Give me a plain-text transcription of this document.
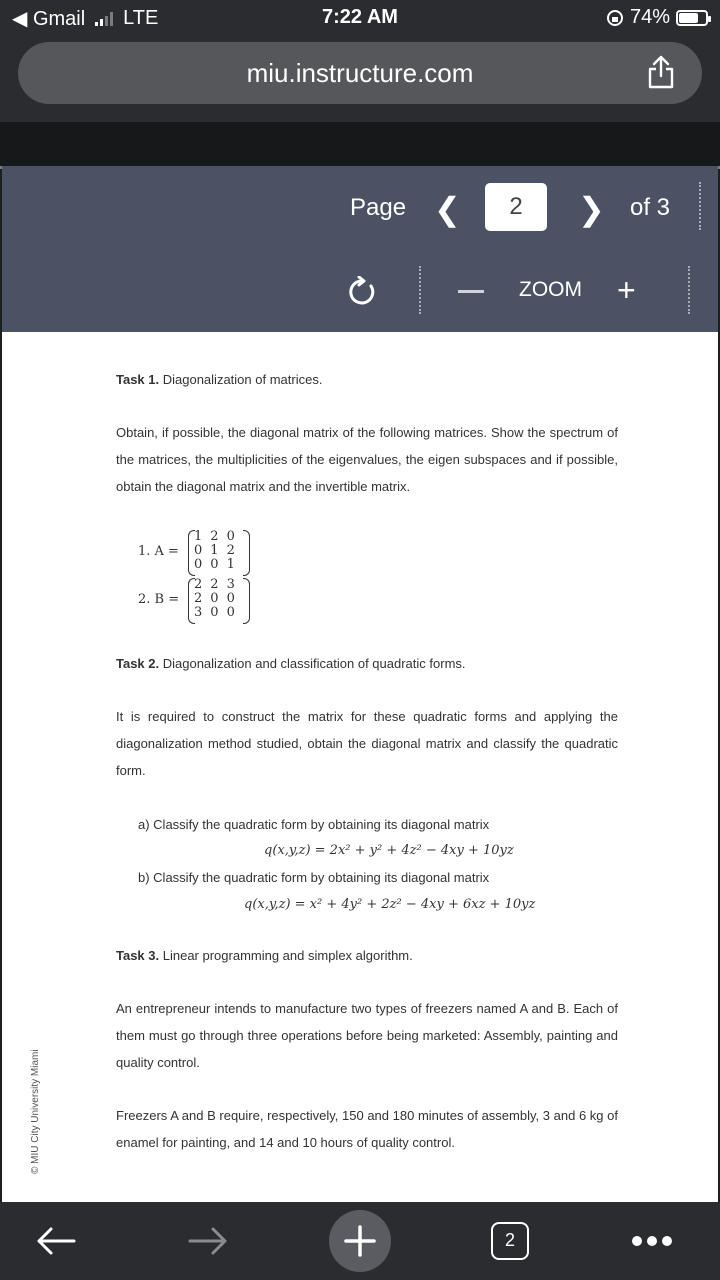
◀ Gmail LTE	7:22 AM	74%
miu.instructure.com
Page ❮	2	❯ of 3
ZOOM +

Task 1. Diagonalization of matrices.

Obtain, if possible, the diagonal matrix of the following matrices. Show the spectrum of the matrices, the multiplicities of the eigenvalues, the eigen subspaces and if possible, obtain the diagonal matrix and the invertible matrix.

1. A =
1	2	0
0	1	2
0	0	1
2. B =
2	2	3
2	0	0
3	0	0

Task 2. Diagonalization and classification of quadratic forms.

It is required to construct the matrix for these quadratic forms and applying the diagonalization method studied, obtain the diagonal matrix and classify the quadratic form.

a) Classify the quadratic form by obtaining its diagonal matrix

q(x,y,z) = 2x² + y² + 4z² − 4xy + 10yz

b) Classify the quadratic form by obtaining its diagonal matrix

q(x,y,z) = x² + 4y² + 2z² − 4xy + 6xz + 10yz

Task 3. Linear programming and simplex algorithm.

An entrepreneur intends to manufacture two types of freezers named A and B. Each of them must go through three operations before being marketed: Assembly, painting and quality control.

Freezers A and B require, respectively, 150 and 180 minutes of assembly, 3 and 6 kg of enamel for painting, and 14 and 10 hours of quality control.

© MIU City University Miami
2
